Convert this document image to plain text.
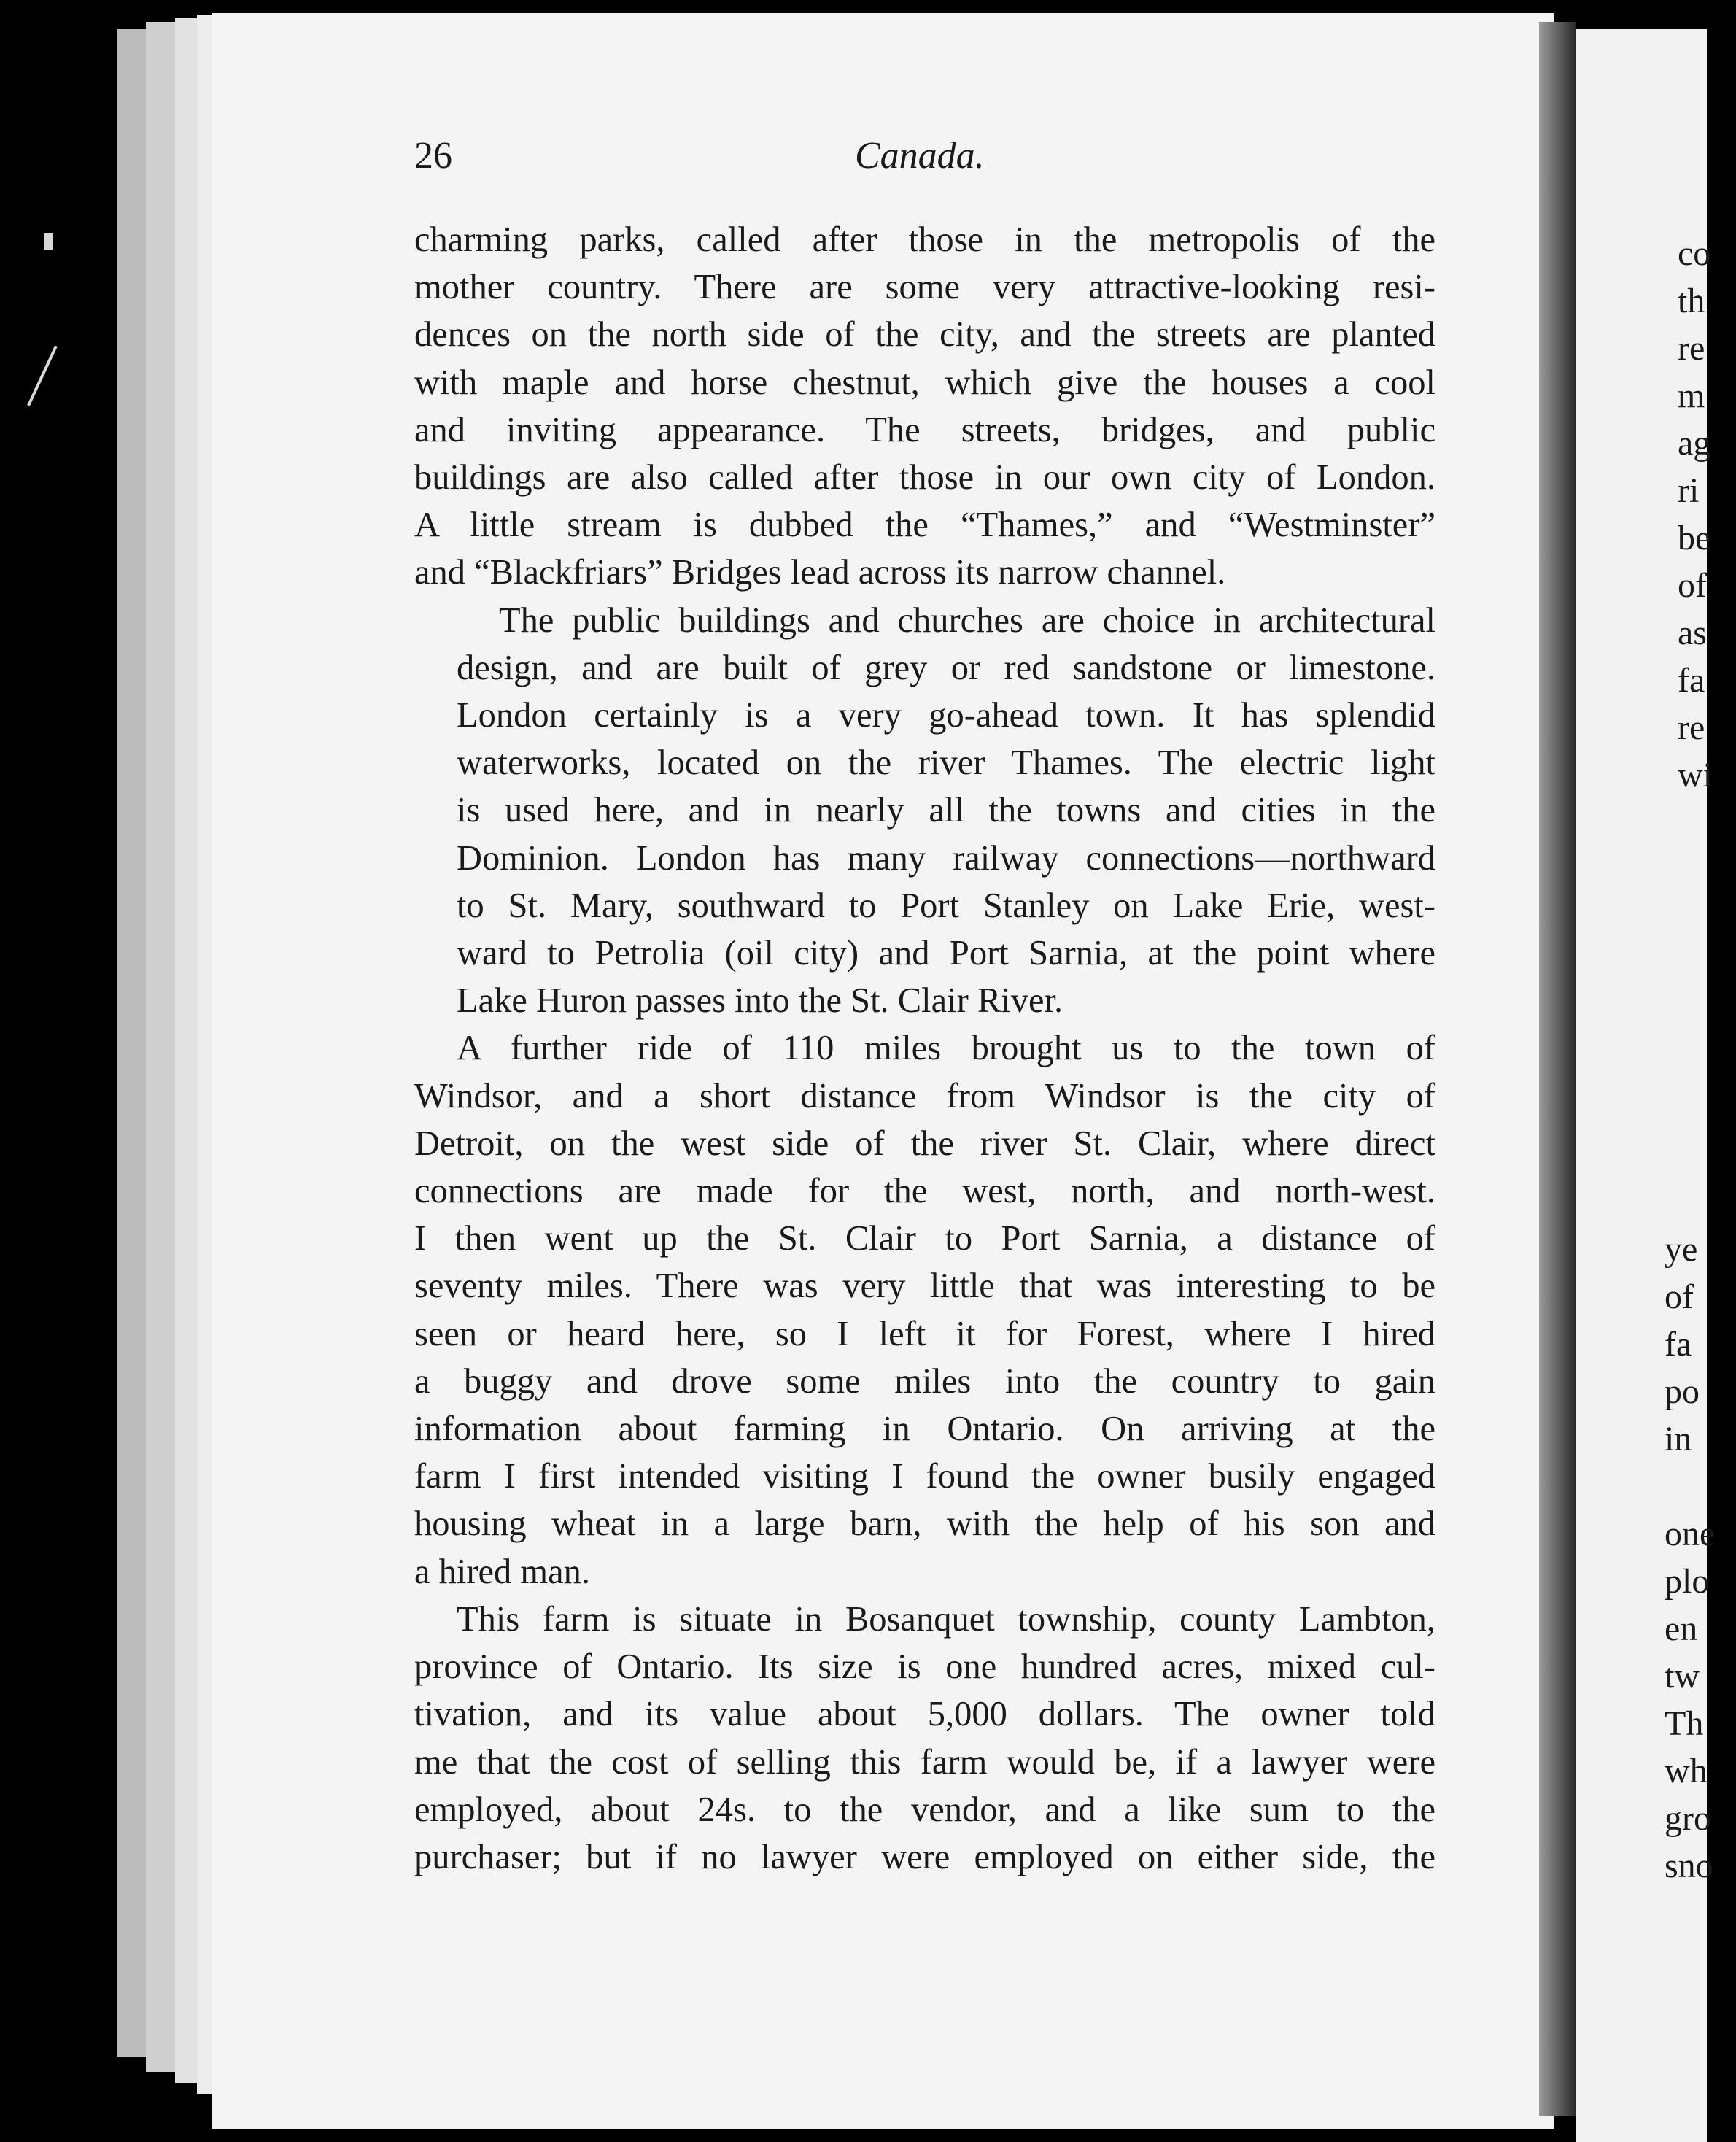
26	Canada.

charming parks, called after those in the metropolis of the
mother country. There are some very attractive-looking resi-
dences on the north side of the city, and the streets are planted
with maple and horse chestnut, which give the houses a cool
and inviting appearance. The streets, bridges, and public
buildings are also called after those in our own city of London.
A little stream is dubbed the “Thames,” and “Westminster”
and “Blackfriars” Bridges lead across its narrow channel.

The public buildings and churches are choice in architectural
design, and are built of grey or red sandstone or limestone.
London certainly is a very go-ahead town. It has splendid
waterworks, located on the river Thames. The electric light
is used here, and in nearly all the towns and cities in the
Dominion. London has many railway connections—northward
to St. Mary, southward to Port Stanley on Lake Erie, west-
ward to Petrolia (oil city) and Port Sarnia, at the point where
Lake Huron passes into the St. Clair River.

A further ride of 110 miles brought us to the town of
Windsor, and a short distance from Windsor is the city of
Detroit, on the west side of the river St. Clair, where direct
connections are made for the west, north, and north-west.
I then went up the St. Clair to Port Sarnia, a distance of
seventy miles. There was very little that was interesting to be
seen or heard here, so I left it for Forest, where I hired
a buggy and drove some miles into the country to gain
information about farming in Ontario. On arriving at the
farm I first intended visiting I found the owner busily engaged
housing wheat in a large barn, with the help of his son and
a hired man.

This farm is situate in Bosanquet township, county Lambton,
province of Ontario. Its size is one hundred acres, mixed cul-
tivation, and its value about 5,000 dollars. The owner told
me that the cost of selling this farm would be, if a lawyer were
employed, about 24s. to the vendor, and a like sum to the
purchaser; but if no lawyer were employed on either side, the

co
th
re
m
ag
ri
be
of
as
fa
re
wi
ye
of
fa
po
in
one
plo
en
tw
Th
wh
gro
sno
